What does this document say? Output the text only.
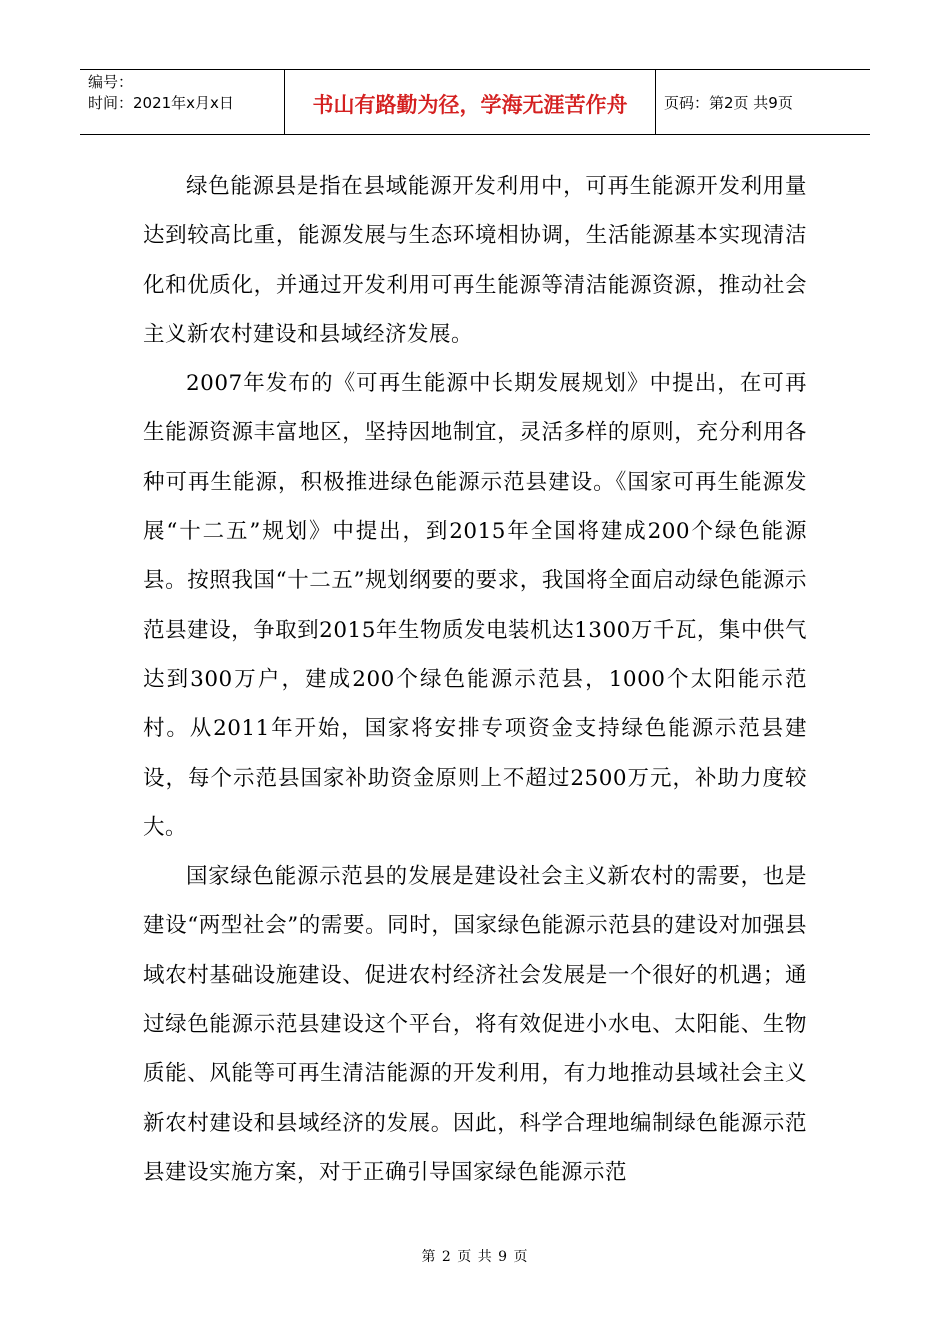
编号：
时间：2021年x月x日	书山有路勤为径，学海无涯苦作舟 页码：第2页 共9页

绿色能源县是指在县域能源开发利用中，可再生能源开发利用量达到较高比重，能源发展与生态环境相协调，生活能源基本实现清洁化和优质化，并通过开发利用可再生能源等清洁能源资源，推动社会主义新农村建设和县域经济发展。

2007年发布的《可再生能源中长期发展规划》中提出，在可再生能源资源丰富地区，坚持因地制宜，灵活多样的原则，充分利用各种可再生能源，积极推进绿色能源示范县建设。《国家可再生能源发展“十二五”规划》中提出，到2015年全国将建成200个绿色能源县。按照我国“十二五”规划纲要的要求，我国将全面启动绿色能源示范县建设，争取到2015年生物质发电装机达1300万千瓦，集中供气达到300万户，建成200个绿色能源示范县，1000个太阳能示范村。从2011年开始，国家将安排专项资金支持绿色能源示范县建设，每个示范县国家补助资金原则上不超过2500万元，补助力度较大。

国家绿色能源示范县的发展是建设社会主义新农村的需要，也是建设“两型社会”的需要。同时，国家绿色能源示范县的建设对加强县域农村基础设施建设、促进农村经济社会发展是一个很好的机遇；通过绿色能源示范县建设这个平台，将有效促进小水电、太阳能、生物质能、风能等可再生清洁能源的开发利用，有力地推动县域社会主义新农村建设和县域经济的发展。因此，科学合理地编制绿色能源示范县建设实施方案，对于正确引导国家绿色能源示范

第 2 页 共 9 页
